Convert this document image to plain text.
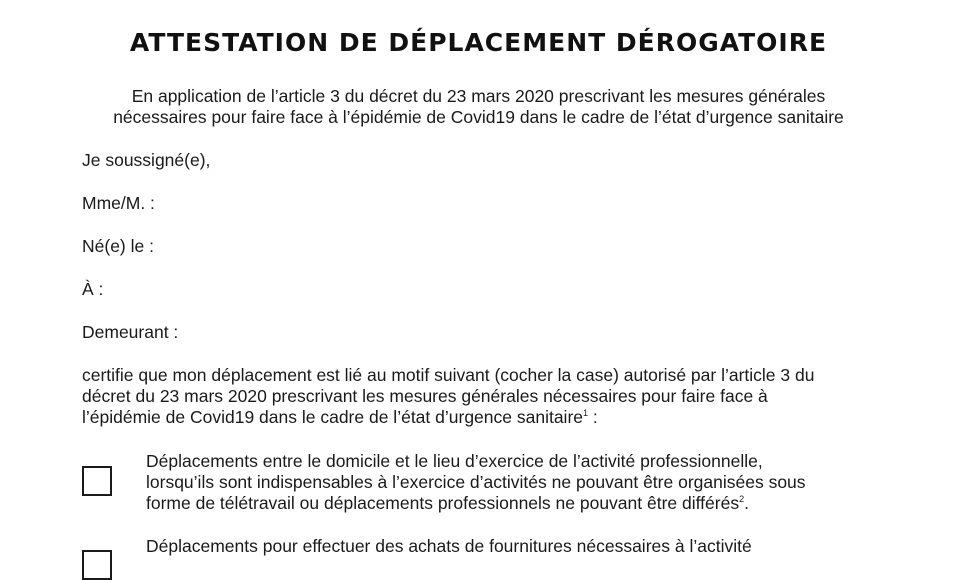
ATTESTATION DE DÉPLACEMENT DÉROGATOIRE
En application de l’article 3 du décret du 23 mars 2020 prescrivant les mesures générales
nécessaires pour faire face à l’épidémie de Covid19 dans le cadre de l’état d’urgence sanitaire
Je soussigné(e),
Mme/M. :
Né(e) le :
À :
Demeurant :
certifie que mon déplacement est lié au motif suivant (cocher la case) autorisé par l’article 3 du
décret du 23 mars 2020 prescrivant les mesures générales nécessaires pour faire face à
l’épidémie de Covid19 dans le cadre de l’état d’urgence sanitaire$^1$ :
Déplacements entre le domicile et le lieu d’exercice de l’activité professionnelle,
lorsqu’ils sont indispensables à l’exercice d’activités ne pouvant être organisées sous
forme de télétravail ou déplacements professionnels ne pouvant être différés$^2$.
Déplacements pour effectuer des achats de fournitures nécessaires à l’activité
